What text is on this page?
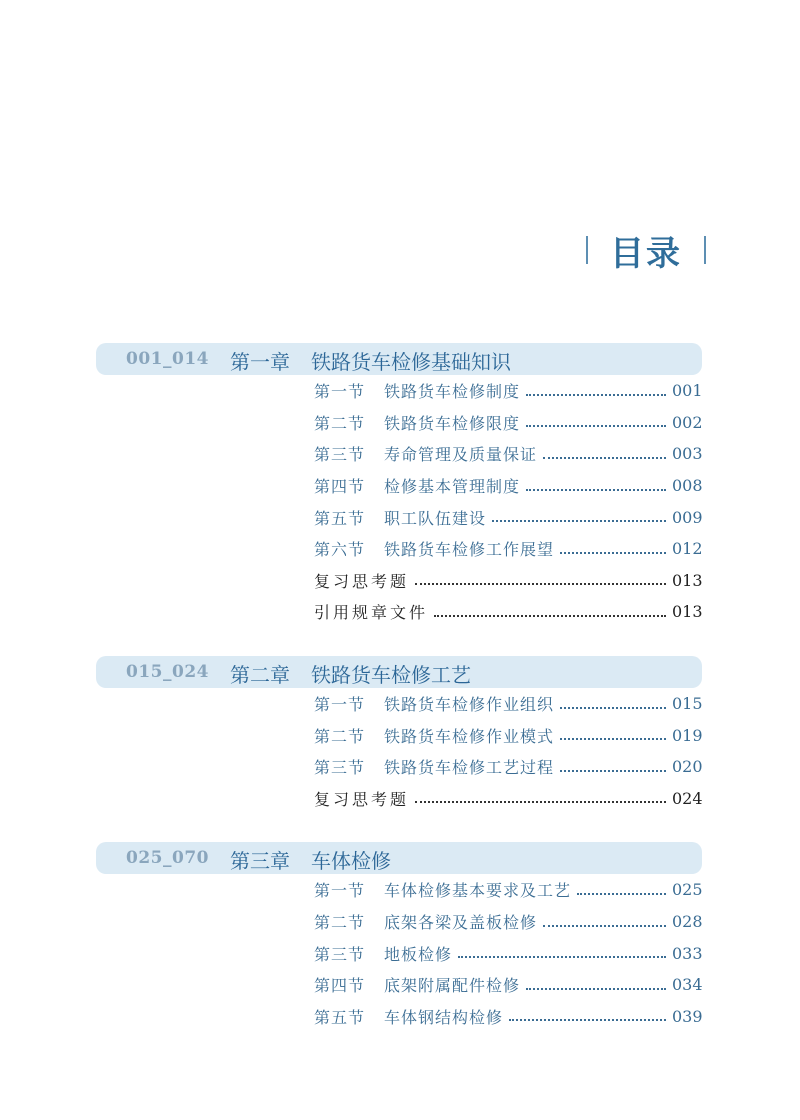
目录
001_014 第一章 铁路货车检修基础知识
第一节	铁路货车检修制度	001
第二节	铁路货车检修限度	002
第三节	寿命管理及质量保证	003
第四节	检修基本管理制度	008
第五节	职工队伍建设	009
第六节	铁路货车检修工作展望	012
复习思考题	013
引用规章文件	013
015_024 第二章 铁路货车检修工艺
第一节	铁路货车检修作业组织	015
第二节	铁路货车检修作业模式	019
第三节	铁路货车检修工艺过程	020
复习思考题	024
025_070 第三章 车体检修
第一节	车体检修基本要求及工艺	025
第二节	底架各梁及盖板检修	028
第三节	地板检修	033
第四节	底架附属配件检修	034
第五节	车体钢结构检修	039
